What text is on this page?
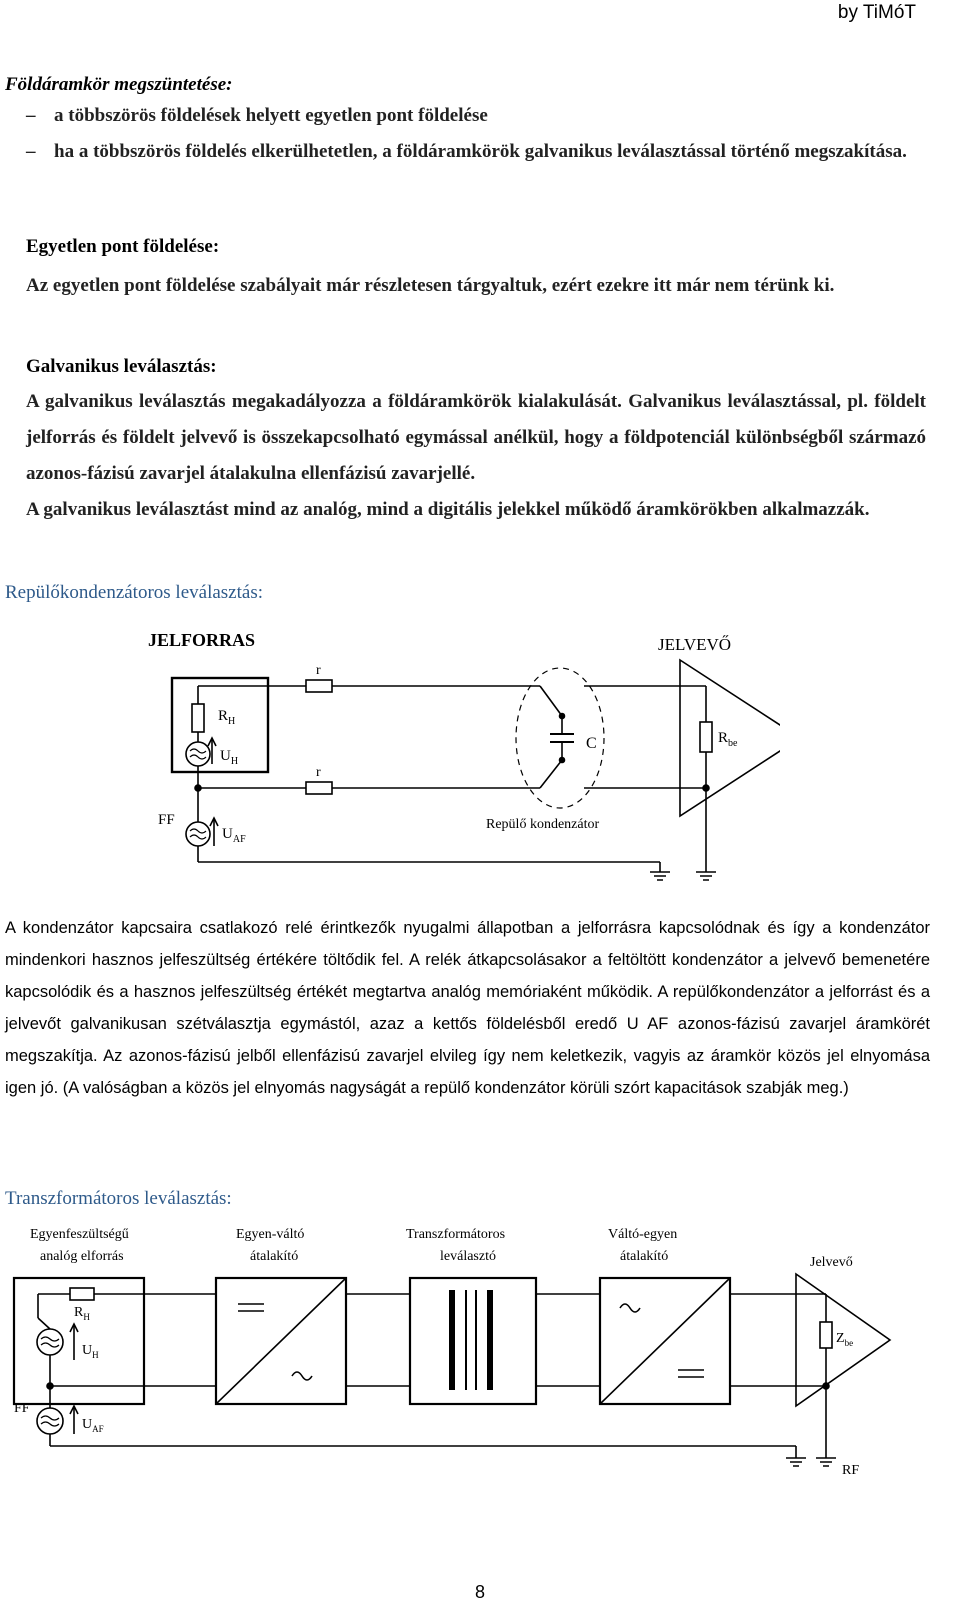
by TiMóT
Földáramkör megszüntetése:
– a többszörös földelések helyett egyetlen pont földelése
– ha a többszörös földelés elkerülhetetlen, a földáramkörök galvanikus leválasztással történő megszakítása.
Egyetlen pont földelése:
Az egyetlen pont földelése szabályait már részletesen tárgyaltuk, ezért ezekre itt már nem térünk ki.
Galvanikus leválasztás:
A galvanikus leválasztás megakadályozza a földáramkörök kialakulását. Galvanikus leválasztással, pl. földelt jelforrás és földelt jelvevő is összekapcsolható egymással anélkül, hogy a földpotenciál különbségből származó azonos-fázisú zavarjel átalakulna ellenfázisú zavarjellé.
A galvanikus leválasztást mind az analóg, mind a digitális jelekkel működő áramkörökben alkalmazzák.
Repülőkondenzátoros leválasztás:
JELFORRAS	JELVEVŐ
r
$R_H$
$U_H$
r
FF
$U_{AF}$
C
Repülő kondenzátor
$R_{be}$
A kondenzátor kapcsaira csatlakozó relé érintkezők nyugalmi állapotban a jelforrásra kapcsolódnak és így a kondenzátor mindenkori hasznos jelfeszültség értékére töltődik fel. A relék átkapcsolásakor a feltöltött kondenzátor a jelvevő bemenetére kapcsolódik és a hasznos jelfeszültség értékét megtartva analóg memóriaként működik. A repülőkondenzátor a jelforrást és a jelvevőt galvanikusan szétválasztja egymástól, azaz a kettős földelésből eredő U AF azonos-fázisú zavarjel áramkörét megszakítja. Az azonos-fázisú jelből ellenfázisú zavarjel elvileg így nem keletkezik, vagyis az áramkör közös jel elnyomása igen jó. (A valóságban a közös jel elnyomás nagyságát a repülő kondenzátor körüli szórt kapacitások szabják meg.)
Transzformátoros leválasztás:
Egyenfeszültségű
analóg elforrás
Egyen-váltó
átalakító
Transzformátoros
leválasztó
Váltó-egyen
átalakító	Jelvevő
$R_H$
$U_H$
FF
$U_{AF}$
$Z_{be}$
RF
8
